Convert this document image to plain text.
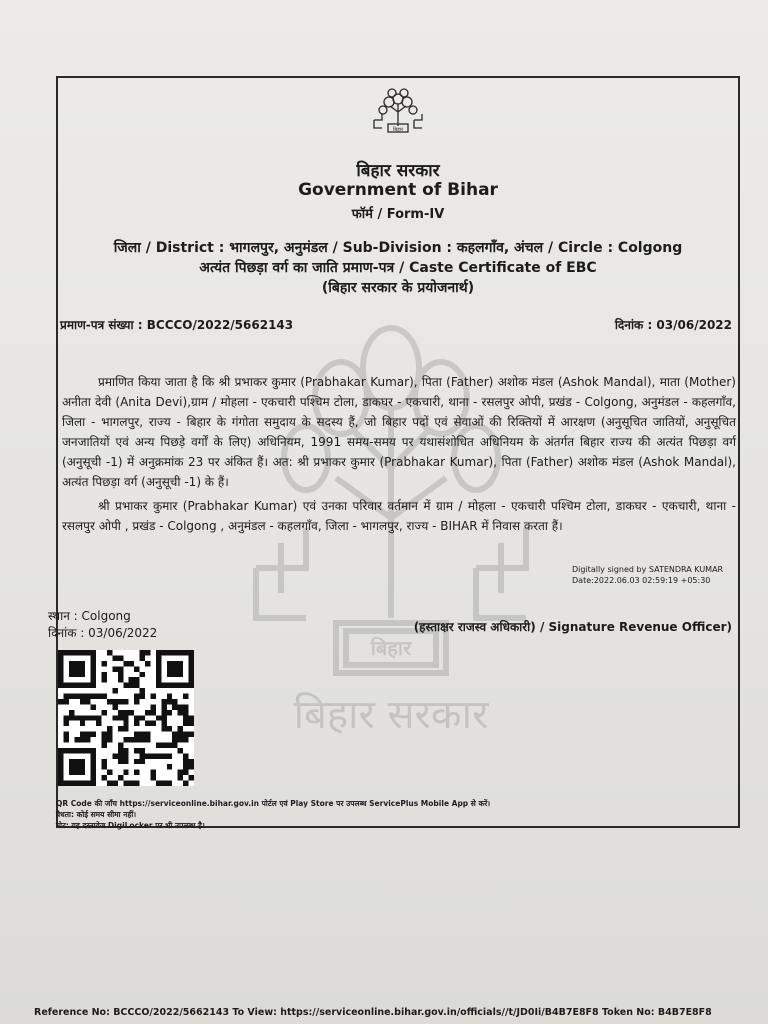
बिहार
बिहार सरकार
Government of Bihar
फॉर्म / Form-IV
जिला / District : भागलपुर, अनुमंडल / Sub-Division : कहलगाँव, अंचल / Circle : Colgong
अत्यंत पिछड़ा वर्ग का जाति प्रमाण-पत्र / Caste Certificate of EBC
(बिहार सरकार के प्रयोजनार्थ)
प्रमाण-पत्र संख्या : BCCCO/2022/5662143	दिनांक : 03/06/2022
बिहार
बिहार सरकार
प्रमाणित किया जाता है कि श्री प्रभाकर कुमार (Prabhakar Kumar), पिता (Father) अशोक मंडल (Ashok Mandal), माता (Mother) अनीता देवी (Anita Devi),ग्राम / मोहला - एकचारी पश्चिम टोला, डाकघर - एकचारी, थाना - रसलपुर ओपी, प्रखंड - Colgong, अनुमंडल - कहलगाँव, जिला - भागलपुर, राज्य - बिहार के गंगोता समुदाय के सदस्य हैं, जो बिहार पदों एवं सेवाओं की रिक्तियों में आरक्षण (अनुसूचित जातियों, अनुसूचित जनजातियों एवं अन्य पिछड़े वर्गों के लिए) अधिनियम, 1991 समय-समय पर यथासंशोधित अधिनियम के अंतर्गत बिहार राज्य की अत्यंत पिछड़ा वर्ग (अनुसूची -1) में अनुक्रमांक 23 पर अंकित हैं। अत: श्री प्रभाकर कुमार (Prabhakar Kumar), पिता (Father) अशोक मंडल (Ashok Mandal), अत्यंत पिछड़ा वर्ग (अनुसूची -1) के हैं।
श्री प्रभाकर कुमार (Prabhakar Kumar) एवं उनका परिवार वर्तमान में ग्राम / मोहला - एकचारी पश्चिम टोला, डाकघर - एकचारी, थाना - रसलपुर ओपी , प्रखंड - Colgong , अनुमंडल - कहलगाँव, जिला - भागलपुर, राज्य - BIHAR में निवास करता हैं।
Digitally signed by SATENDRA KUMAR
Date:2022.06.03 02:59:19 +05:30
स्थान : Colgong
दिनांक : 03/06/2022	(हस्ताक्षर राजस्व अधिकारी) / Signature Revenue Officer)
QR Code की जाँच https://serviceonline.bihar.gov.in पोर्टल एवं Play Store पर उपलब्ध ServicePlus Mobile App से करें।
वैधता: कोई समय सीमा नहीं।
नोट: यह दस्तावेज DigiLocker पर भी उपलब्ध है।
Reference No: BCCCO/2022/5662143 To View: https://serviceonline.bihar.gov.in/officials//t/JD0Ii/B4B7E8F8 Token No: B4B7E8F8
